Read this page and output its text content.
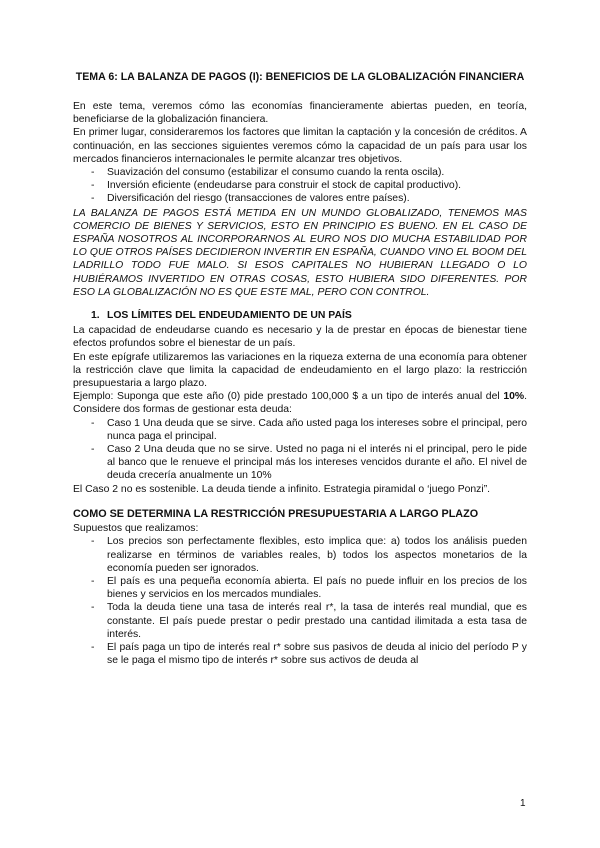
TEMA 6: LA BALANZA DE PAGOS (I): BENEFICIOS DE LA GLOBALIZACIÓN FINANCIERA

En este tema, veremos cómo las economías financieramente abiertas pueden, en teoría, beneficiarse de la globalización financiera.

En primer lugar, consideraremos los factores que limitan la captación y la concesión de créditos. A continuación, en las secciones siguientes veremos cómo la capacidad de un país para usar los mercados financieros internacionales le permite alcanzar tres objetivos.

- Suavización del consumo (estabilizar el consumo cuando la renta oscila).
- Inversión eficiente (endeudarse para construir el stock de capital productivo).
- Diversificación del riesgo (transacciones de valores entre países).

LA BALANZA DE PAGOS ESTÁ METIDA EN UN MUNDO GLOBALIZADO, TENEMOS MAS COMERCIO DE BIENES Y SERVICIOS, ESTO EN PRINCIPIO ES BUENO. EN EL CASO DE ESPAÑA NOSOTROS AL INCORPORARNOS AL EURO NOS DIO MUCHA ESTABILIDAD POR LO QUE OTROS PAÍSES DECIDIERON INVERTIR EN ESPAÑA, CUANDO VINO EL BOOM DEL LADRILLO TODO FUE MALO. SI ESOS CAPITALES NO HUBIERAN LLEGADO O LO HUBIÉRAMOS INVERTIDO EN OTRAS COSAS, ESTO HUBIERA SIDO DIFERENTES. POR ESO LA GLOBALIZACIÓN NO ES QUE ESTE MAL, PERO CON CONTROL.

1. LOS LÍMITES DEL ENDEUDAMIENTO DE UN PAÍS

La capacidad de endeudarse cuando es necesario y la de prestar en épocas de bienestar tiene efectos profundos sobre el bienestar de un país.

En este epígrafe utilizaremos las variaciones en la riqueza externa de una economía para obtener la restricción clave que limita la capacidad de endeudamiento en el largo plazo: la restricción presupuestaria a largo plazo.

Ejemplo: Suponga que este año (0) pide prestado 100,000 $ a un tipo de interés anual del 10%. Considere dos formas de gestionar esta deuda:

- Caso 1 Una deuda que se sirve. Cada año usted paga los intereses sobre el principal, pero nunca paga el principal.
- Caso 2 Una deuda que no se sirve. Usted no paga ni el interés ni el principal, pero le pide al banco que le renueve el principal más los intereses vencidos durante el año. El nivel de deuda crecería anualmente un 10%

El Caso 2 no es sostenible. La deuda tiende a infinito. Estrategia piramidal o ‘juego Ponzi”.

COMO SE DETERMINA LA RESTRICCIÓN PRESUPUESTARIA A LARGO PLAZO

Supuestos que realizamos:

- Los precios son perfectamente flexibles, esto implica que: a) todos los análisis pueden realizarse en términos de variables reales, b) todos los aspectos monetarios de la economía pueden ser ignorados.
- El país es una pequeña economía abierta. El país no puede influir en los precios de los bienes y servicios en los mercados mundiales.
- Toda la deuda tiene una tasa de interés real r*, la tasa de interés real mundial, que es constante. El país puede prestar o pedir prestado una cantidad ilimitada a esta tasa de interés.
- El país paga un tipo de interés real r* sobre sus pasivos de deuda al inicio del período P y se le paga el mismo tipo de interés r* sobre sus activos de deuda al
1
